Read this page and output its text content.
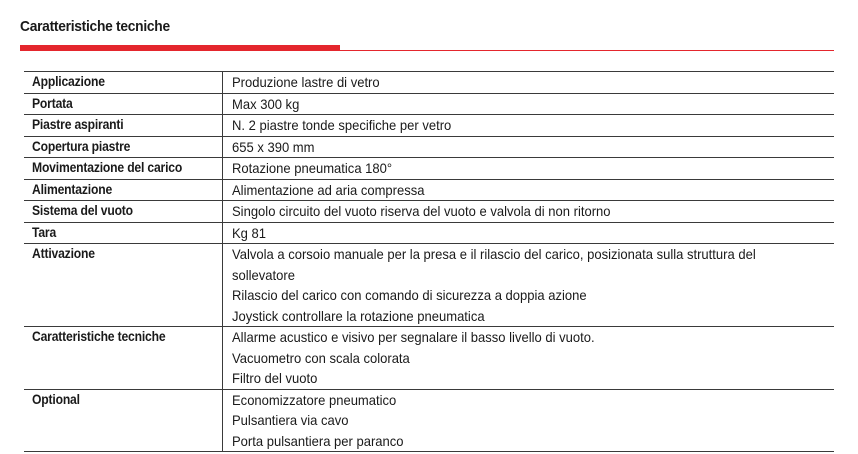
Caratteristiche tecniche
Applicazione	Produzione lastre di vetro

Portata	Max 300 kg

Piastre aspiranti	N. 2 piastre tonde specifiche per vetro

Copertura piastre	655 x 390 mm

Movimentazione del carico	Rotazione pneumatica 180°

Alimentazione	Alimentazione ad aria compressa

Sistema del vuoto	Singolo circuito del vuoto riserva del vuoto e valvola di non ritorno

Tara	Kg 81

Attivazione	Valvola a corsoio manuale per la presa e il rilascio del carico, posizionata sulla struttura del
sollevatore
Rilascio del carico con comando di sicurezza a doppia azione
Joystick controllare la rotazione pneumatica

Caratteristiche tecniche	Allarme acustico e visivo per segnalare il basso livello di vuoto.
Vacuometro con scala colorata
Filtro del vuoto

Optional	Economizzatore pneumatico
Pulsantiera via cavo
Porta pulsantiera per paranco
